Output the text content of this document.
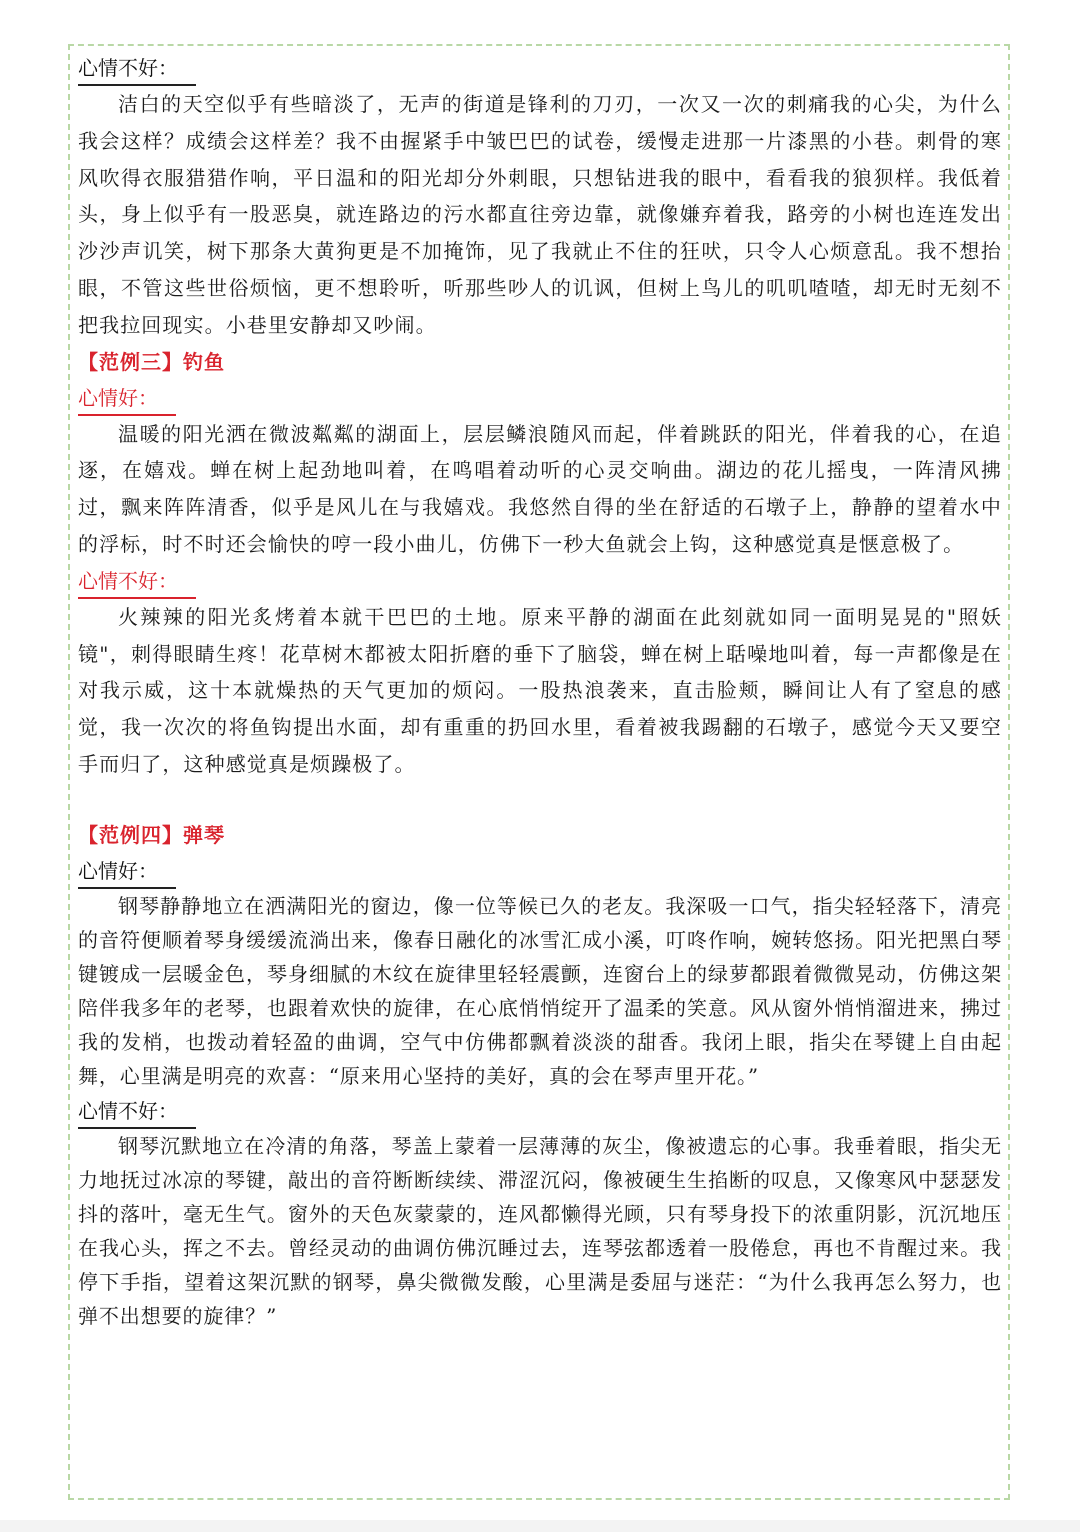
心情不好：

洁白的天空似乎有些暗淡了，无声的街道是锋利的刀刃，一次又一次的刺痛我的心尖，为什么我会这样？成绩会这样差？我不由握紧手中皱巴巴的试卷，缓慢走进那一片漆黑的小巷。刺骨的寒风吹得衣服猎猎作响，平日温和的阳光却分外刺眼，只想钻进我的眼中，看看我的狼狈样。我低着头，身上似乎有一股恶臭，就连路边的污水都直往旁边靠，就像嫌弃着我，路旁的小树也连连发出沙沙声讥笑，树下那条大黄狗更是不加掩饰，见了我就止不住的狂吠，只令人心烦意乱。我不想抬眼，不管这些世俗烦恼，更不想聆听，听那些吵人的讥讽，但树上鸟儿的叽叽喳喳，却无时无刻不把我拉回现实。小巷里安静却又吵闹。

【范例三】钓鱼
心情好：

温暖的阳光洒在微波粼粼的湖面上，层层鳞浪随风而起，伴着跳跃的阳光，伴着我的心，在追逐，在嬉戏。蝉在树上起劲地叫着，在鸣唱着动听的心灵交响曲。湖边的花儿摇曳，一阵清风拂过，飘来阵阵清香，似乎是风儿在与我嬉戏。我悠然自得的坐在舒适的石墩子上，静静的望着水中的浮标，时不时还会愉快的哼一段小曲儿，仿佛下一秒大鱼就会上钩，这种感觉真是惬意极了。

心情不好：

火辣辣的阳光炙烤着本就干巴巴的土地。原来平静的湖面在此刻就如同一面明晃晃的"照妖镜"，刺得眼睛生疼！花草树木都被太阳折磨的垂下了脑袋，蝉在树上聒噪地叫着，每一声都像是在对我示威，这十本就燥热的天气更加的烦闷。一股热浪袭来，直击脸颊，瞬间让人有了窒息的感觉，我一次次的将鱼钩提出水面，却有重重的扔回水里，看着被我踢翻的石墩子，感觉今天又要空手而归了，这种感觉真是烦躁极了。

【范例四】弹琴
心情好：

钢琴静静地立在洒满阳光的窗边，像一位等候已久的老友。我深吸一口气，指尖轻轻落下，清亮的音符便顺着琴身缓缓流淌出来，像春日融化的冰雪汇成小溪，叮咚作响，婉转悠扬。阳光把黑白琴键镀成一层暖金色，琴身细腻的木纹在旋律里轻轻震颤，连窗台上的绿萝都跟着微微晃动，仿佛这架陪伴我多年的老琴，也跟着欢快的旋律，在心底悄悄绽开了温柔的笑意。风从窗外悄悄溜进来，拂过我的发梢，也拨动着轻盈的曲调，空气中仿佛都飘着淡淡的甜香。我闭上眼，指尖在琴键上自由起舞，心里满是明亮的欢喜：“原来用心坚持的美好，真的会在琴声里开花。”

心情不好：

钢琴沉默地立在冷清的角落，琴盖上蒙着一层薄薄的灰尘，像被遗忘的心事。我垂着眼，指尖无力地抚过冰凉的琴键，敲出的音符断断续续、滞涩沉闷，像被硬生生掐断的叹息，又像寒风中瑟瑟发抖的落叶，毫无生气。窗外的天色灰蒙蒙的，连风都懒得光顾，只有琴身投下的浓重阴影，沉沉地压在我心头，挥之不去。曾经灵动的曲调仿佛沉睡过去，连琴弦都透着一股倦怠，再也不肯醒过来。我停下手指，望着这架沉默的钢琴，鼻尖微微发酸，心里满是委屈与迷茫：“为什么我再怎么努力，也弹不出想要的旋律？”
